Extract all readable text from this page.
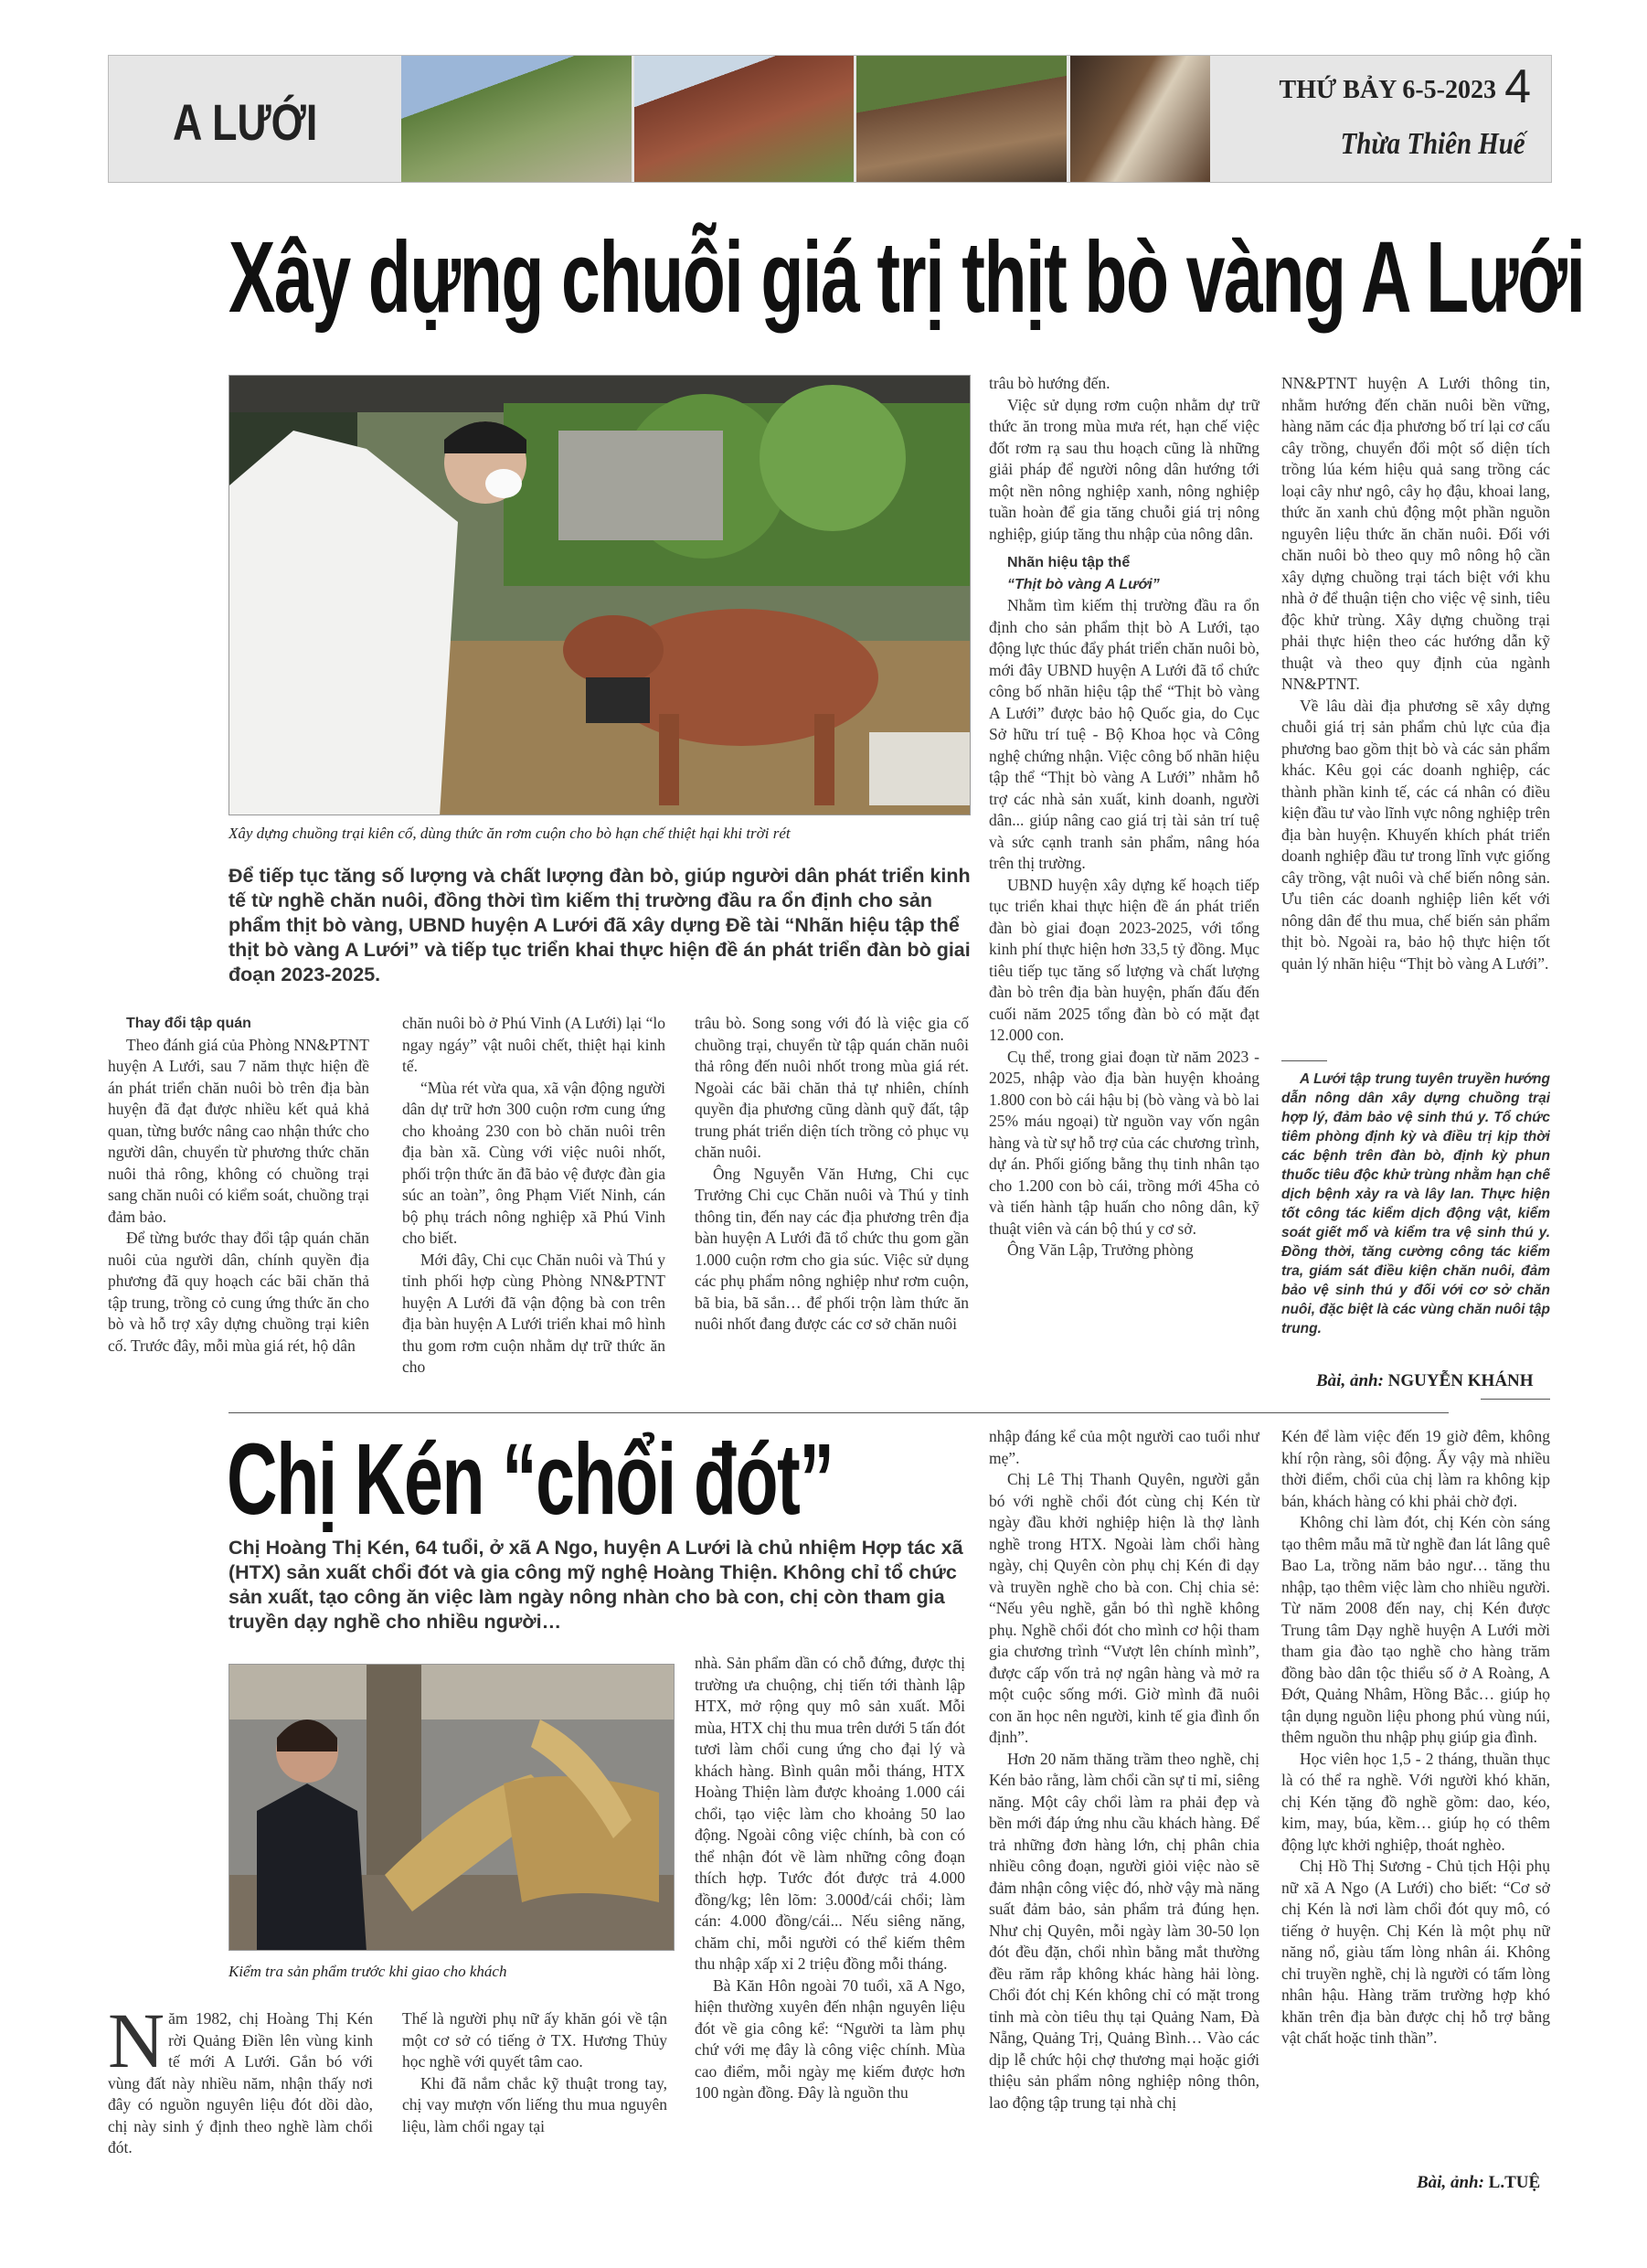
A LƯỚI
THỨ BẢY 6-5-2023 4
Thừa Thiên Huế
Xây dựng chuỗi giá trị thịt bò vàng A Lưới
Xây dựng chuồng trại kiên cố, dùng thức ăn rơm cuộn cho bò hạn chế thiệt hại khi trời rét
Để tiếp tục tăng số lượng và chất lượng đàn bò, giúp người dân phát triển kinh tế từ nghề chăn nuôi, đồng thời tìm kiếm thị trường đầu ra ổn định cho sản phẩm thịt bò vàng, UBND huyện A Lưới đã xây dựng Đề tài “Nhãn hiệu tập thể thịt bò vàng A Lưới” và tiếp tục triển khai thực hiện đề án phát triển đàn bò giai đoạn 2023-2025.

Thay đổi tập quán

Theo đánh giá của Phòng NN&PTNT huyện A Lưới, sau 7 năm thực hiện đề án phát triển chăn nuôi bò trên địa bàn huyện đã đạt được nhiều kết quả khả quan, từng bước nâng cao nhận thức cho người dân, chuyển từ phương thức chăn nuôi thả rông, không có chuồng trại sang chăn nuôi có kiểm soát, chuồng trại đảm bảo.

Để từng bước thay đổi tập quán chăn nuôi của người dân, chính quyền địa phương đã quy hoạch các bãi chăn thả tập trung, trồng cỏ cung ứng thức ăn cho bò và hỗ trợ xây dựng chuồng trại kiên cố. Trước đây, mỗi mùa giá rét, hộ dân

chăn nuôi bò ở Phú Vinh (A Lưới) lại “lo ngay ngáy” vật nuôi chết, thiệt hại kinh tế.

“Mùa rét vừa qua, xã vận động người dân dự trữ hơn 300 cuộn rơm cung ứng cho khoảng 230 con bò chăn nuôi trên địa bàn xã. Cùng với việc nuôi nhốt, phối trộn thức ăn đã bảo vệ được đàn gia súc an toàn”, ông Phạm Viết Ninh, cán bộ phụ trách nông nghiệp xã Phú Vinh cho biết.

Mới đây, Chi cục Chăn nuôi và Thú y tỉnh phối hợp cùng Phòng NN&PTNT huyện A Lưới đã vận động bà con trên địa bàn huyện A Lưới triển khai mô hình thu gom rơm cuộn nhằm dự trữ thức ăn cho

trâu bò. Song song với đó là việc gia cố chuồng trại, chuyển từ tập quán chăn nuôi thả rông đến nuôi nhốt trong mùa giá rét. Ngoài các bãi chăn thả tự nhiên, chính quyền địa phương cũng dành quỹ đất, tập trung phát triển diện tích trồng cỏ phục vụ chăn nuôi.

Ông Nguyễn Văn Hưng, Chi cục Trưởng Chi cục Chăn nuôi và Thú y tỉnh thông tin, đến nay các địa phương trên địa bàn huyện A Lưới đã tổ chức thu gom gần 1.000 cuộn rơm cho gia súc. Việc sử dụng các phụ phẩm nông nghiệp như rơm cuộn, bã bia, bã sắn… để phối trộn làm thức ăn nuôi nhốt đang được các cơ sở chăn nuôi

trâu bò hướng đến.

Việc sử dụng rơm cuộn nhằm dự trữ thức ăn trong mùa mưa rét, hạn chế việc đốt rơm rạ sau thu hoạch cũng là những giải pháp để người nông dân hướng tới một nền nông nghiệp xanh, nông nghiệp tuần hoàn để gia tăng chuỗi giá trị nông nghiệp, giúp tăng thu nhập của nông dân.

Nhãn hiệu tập thể

“Thịt bò vàng A Lưới”

Nhằm tìm kiếm thị trường đầu ra ổn định cho sản phẩm thịt bò A Lưới, tạo động lực thúc đẩy phát triển chăn nuôi bò, mới đây UBND huyện A Lưới đã tổ chức công bố nhãn hiệu tập thể “Thịt bò vàng A Lưới” được bảo hộ Quốc gia, do Cục Sở hữu trí tuệ - Bộ Khoa học và Công nghệ chứng nhận. Việc công bố nhãn hiệu tập thể “Thịt bò vàng A Lưới” nhằm hỗ trợ các nhà sản xuất, kinh doanh, người dân... giúp nâng cao giá trị tài sản trí tuệ và sức cạnh tranh sản phẩm, nâng hóa trên thị trường.

UBND huyện xây dựng kế hoạch tiếp tục triển khai thực hiện đề án phát triển đàn bò giai đoạn 2023-2025, với tổng kinh phí thực hiện hơn 33,5 tỷ đồng. Mục tiêu tiếp tục tăng số lượng và chất lượng đàn bò trên địa bàn huyện, phấn đấu đến cuối năm 2025 tổng đàn bò có mặt đạt 12.000 con.

Cụ thể, trong giai đoạn từ năm 2023 - 2025, nhập vào địa bàn huyện khoảng 1.800 con bò cái hậu bị (bò vàng và bò lai 25% máu ngoại) từ nguồn vay vốn ngân hàng và từ sự hỗ trợ của các chương trình, dự án. Phối giống bằng thụ tinh nhân tạo cho 1.200 con bò cái, trồng mới 45ha cỏ và tiến hành tập huấn cho nông dân, kỹ thuật viên và cán bộ thú y cơ sở.

Ông Văn Lập, Trưởng phòng

NN&PTNT huyện A Lưới thông tin, nhằm hướng đến chăn nuôi bền vững, hàng năm các địa phương bố trí lại cơ cấu cây trồng, chuyển đổi một số diện tích trồng lúa kém hiệu quả sang trồng các loại cây như ngô, cây họ đậu, khoai lang, thức ăn xanh chủ động một phần nguồn nguyên liệu thức ăn chăn nuôi. Đối với chăn nuôi bò theo quy mô nông hộ cần xây dựng chuồng trại tách biệt với khu nhà ở để thuận tiện cho việc vệ sinh, tiêu độc khử trùng. Xây dựng chuồng trại phải thực hiện theo các hướng dẫn kỹ thuật và theo quy định của ngành NN&PTNT.

Về lâu dài địa phương sẽ xây dựng chuỗi giá trị sản phẩm chủ lực của địa phương bao gồm thịt bò và các sản phẩm khác. Kêu gọi các doanh nghiệp, các thành phần kinh tế, các cá nhân có điều kiện đầu tư vào lĩnh vực nông nghiệp trên địa bàn huyện. Khuyến khích phát triển doanh nghiệp đầu tư trong lĩnh vực giống cây trồng, vật nuôi và chế biến nông sản. Ưu tiên các doanh nghiệp liên kết với nông dân để thu mua, chế biến sản phẩm thịt bò. Ngoài ra, bảo hộ thực hiện tốt quản lý nhãn hiệu “Thịt bò vàng A Lưới”.

A Lưới tập trung tuyên truyền hướng dẫn nông dân xây dựng chuồng trại hợp lý, đảm bảo vệ sinh thú y. Tổ chức tiêm phòng định kỳ và điều trị kịp thời các bệnh trên đàn bò, định kỳ phun thuốc tiêu độc khử trùng nhằm hạn chế dịch bệnh xảy ra và lây lan. Thực hiện tốt công tác kiểm dịch động vật, kiểm soát giết mổ và kiểm tra vệ sinh thú y. Đồng thời, tăng cường công tác kiểm tra, giám sát điều kiện chăn nuôi, đảm bảo vệ sinh thú y đối với cơ sở chăn nuôi, đặc biệt là các vùng chăn nuôi tập trung.

Bài, ảnh: NGUYỄN KHÁNH
Chị Kén “chổi đót”
Chị Hoàng Thị Kén, 64 tuổi, ở xã A Ngo, huyện A Lưới là chủ nhiệm Hợp tác xã (HTX) sản xuất chổi đót và gia công mỹ nghệ Hoàng Thiện. Không chỉ tổ chức sản xuất, tạo công ăn việc làm ngày nông nhàn cho bà con, chị còn tham gia truyền dạy nghề cho nhiều người…
Kiểm tra sản phẩm trước khi giao cho khách
N ăm 1982, chị Hoàng Thị Kén rời Quảng Điền lên vùng kinh tế mới A Lưới. Gắn bó với vùng đất này nhiều năm, nhận thấy nơi đây có nguồn nguyên liệu đót dồi dào, chị này sinh ý định theo nghề làm chổi đót.

Thế là người phụ nữ ấy khăn gói về tận một cơ sở có tiếng ở TX. Hương Thủy học nghề với quyết tâm cao.

Khi đã nắm chắc kỹ thuật trong tay, chị vay mượn vốn liếng thu mua nguyên liệu, làm chổi ngay tại

nhà. Sản phẩm dần có chỗ đứng, được thị trường ưa chuộng, chị tiến tới thành lập HTX, mở rộng quy mô sản xuất. Mỗi mùa, HTX chị thu mua trên dưới 5 tấn đót tươi làm chổi cung ứng cho đại lý và khách hàng. Bình quân mỗi tháng, HTX Hoàng Thiện làm được khoảng 1.000 cái chổi, tạo việc làm cho khoảng 50 lao động. Ngoài công việc chính, bà con có thể nhận đót về làm những công đoạn thích hợp. Tước đót được trả 4.000 đồng/kg; lên lõm: 3.000đ/cái chổi; làm cán: 4.000 đồng/cái... Nếu siêng năng, chăm chỉ, mỗi người có thể kiếm thêm thu nhập xấp xỉ 2 triệu đồng mỗi tháng.

Bà Kăn Hôn ngoài 70 tuổi, xã A Ngo, hiện thường xuyên đến nhận nguyên liệu đót về gia công kể: “Người ta làm phụ chứ với mẹ đây là công việc chính. Mùa cao điểm, mỗi ngày mẹ kiếm được hơn 100 ngàn đồng. Đây là nguồn thu

nhập đáng kể của một người cao tuổi như mẹ”.

Chị Lê Thị Thanh Quyên, người gắn bó với nghề chổi đót cùng chị Kén từ ngày đầu khởi nghiệp hiện là thợ lành nghề trong HTX. Ngoài làm chổi hàng ngày, chị Quyên còn phụ chị Kén đi dạy và truyền nghề cho bà con. Chị chia sẻ: “Nếu yêu nghề, gắn bó thì nghề không phụ. Nghề chổi đót cho mình cơ hội tham gia chương trình “Vượt lên chính mình”, được cấp vốn trả nợ ngân hàng và mở ra một cuộc sống mới. Giờ mình đã nuôi con ăn học nên người, kinh tế gia đình ổn định”.

Hơn 20 năm thăng trầm theo nghề, chị Kén bảo rằng, làm chổi cần sự tỉ mỉ, siêng năng. Một cây chổi làm ra phải đẹp và bền mới đáp ứng nhu cầu khách hàng. Để trả những đơn hàng lớn, chị phân chia nhiều công đoạn, người giỏi việc nào sẽ đảm nhận công việc đó, nhờ vậy mà năng suất đảm bảo, sản phẩm trả đúng hẹn. Như chị Quyên, mỗi ngày làm 30-50 lọn đót đều đặn, chổi nhìn bằng mắt thường đều răm rắp không khác hàng hải lòng. Chổi đót chị Kén không chỉ có mặt trong tỉnh mà còn tiêu thụ tại Quảng Nam, Đà Nẵng, Quảng Trị, Quảng Bình… Vào các dịp lễ chức hội chợ thương mại hoặc giới thiệu sản phẩm nông nghiệp nông thôn, lao động tập trung tại nhà chị

Kén để làm việc đến 19 giờ đêm, không khí rộn ràng, sôi động. Ấy vậy mà nhiều thời điểm, chổi của chị làm ra không kịp bán, khách hàng có khi phải chờ đợi.

Không chỉ làm đót, chị Kén còn sáng tạo thêm mẫu mã từ nghề đan lát lâng quê Bao La, trồng năm bảo ngư… tăng thu nhập, tạo thêm việc làm cho nhiều người. Từ năm 2008 đến nay, chị Kén được Trung tâm Dạy nghề huyện A Lưới mời tham gia đào tạo nghề cho hàng trăm đồng bào dân tộc thiểu số ở A Roàng, A Đớt, Quảng Nhâm, Hồng Bắc… giúp họ tận dụng nguồn liệu phong phú vùng núi, thêm nguồn thu nhập phụ giúp gia đình.

Học viên học 1,5 - 2 tháng, thuần thục là có thể ra nghề. Với người khó khăn, chị Kén tặng đồ nghề gồm: dao, kéo, kim, may, búa, kềm… giúp họ có thêm động lực khởi nghiệp, thoát nghèo.

Chị Hồ Thị Sương - Chủ tịch Hội phụ nữ xã A Ngo (A Lưới) cho biết: “Cơ sở chị Kén là nơi làm chổi đót quy mô, có tiếng ở huyện. Chị Kén là một phụ nữ năng nổ, giàu tấm lòng nhân ái. Không chỉ truyền nghề, chị là người có tấm lòng nhân hậu. Hàng trăm trường hợp khó khăn trên địa bàn được chị hỗ trợ bằng vật chất hoặc tinh thần”.

Bài, ảnh: L.TUỆ
